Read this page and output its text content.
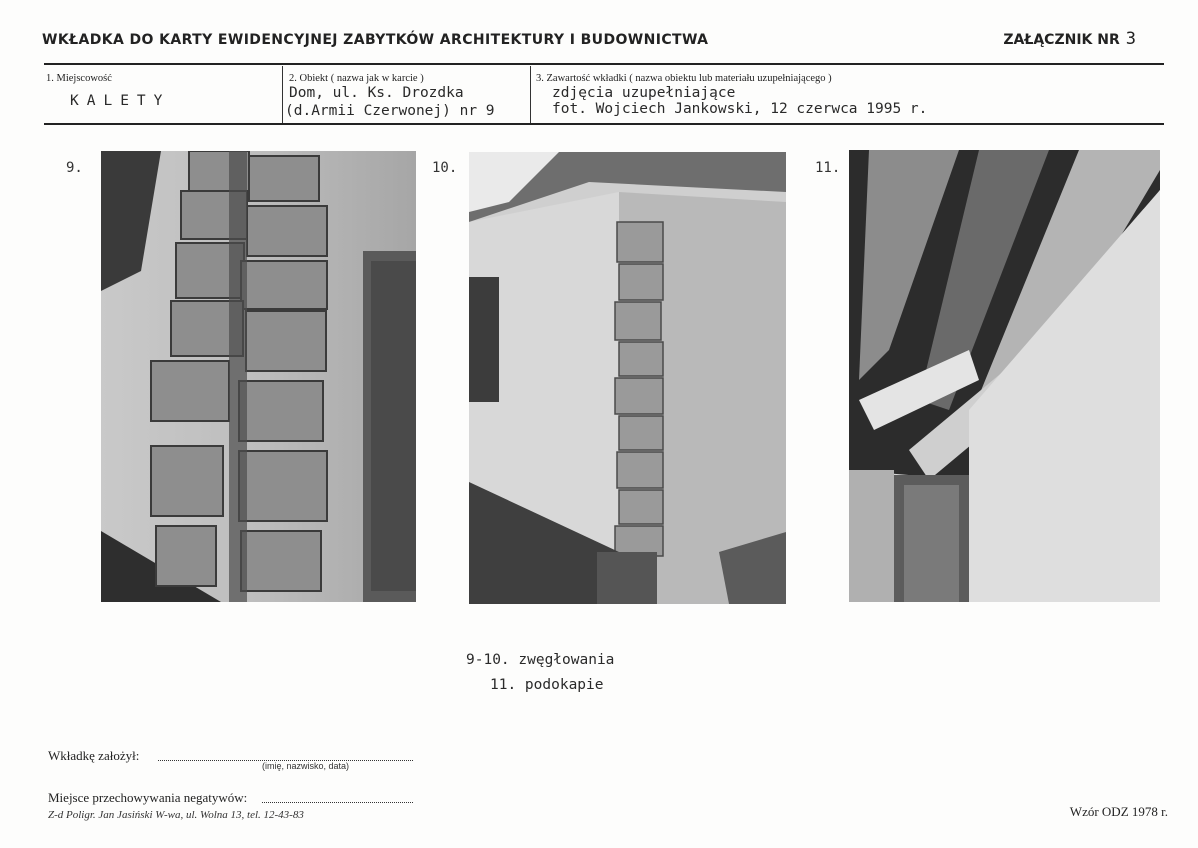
WKŁADKA DO KARTY EWIDENCYJNEJ ZABYTKÓW ARCHITEKTURY I BUDOWNICTWA	ZAŁĄCZNIK NR 3
1. Miejscowość
KALETY
2. Obiekt ( nazwa jak w karcie )
Dom, ul. Ks. Drozdka
(d.Armii Czerwonej) nr 9
3. Zawartość wkładki ( nazwa obiektu lub materiału uzupełniającego )
zdjęcia uzupełniające
fot. Wojciech Jankowski, 12 czerwca 1995 r.
9.	10.	11.
9-10. zwęgłowania
11. podokapie
Wkładkę założył:
(imię, nazwisko, data)
Miejsce przechowywania negatywów:
Z-d Poligr. Jan Jasiński W-wa, ul. Wolna 13, tel. 12-43-83	Wzór ODZ 1978 r.
